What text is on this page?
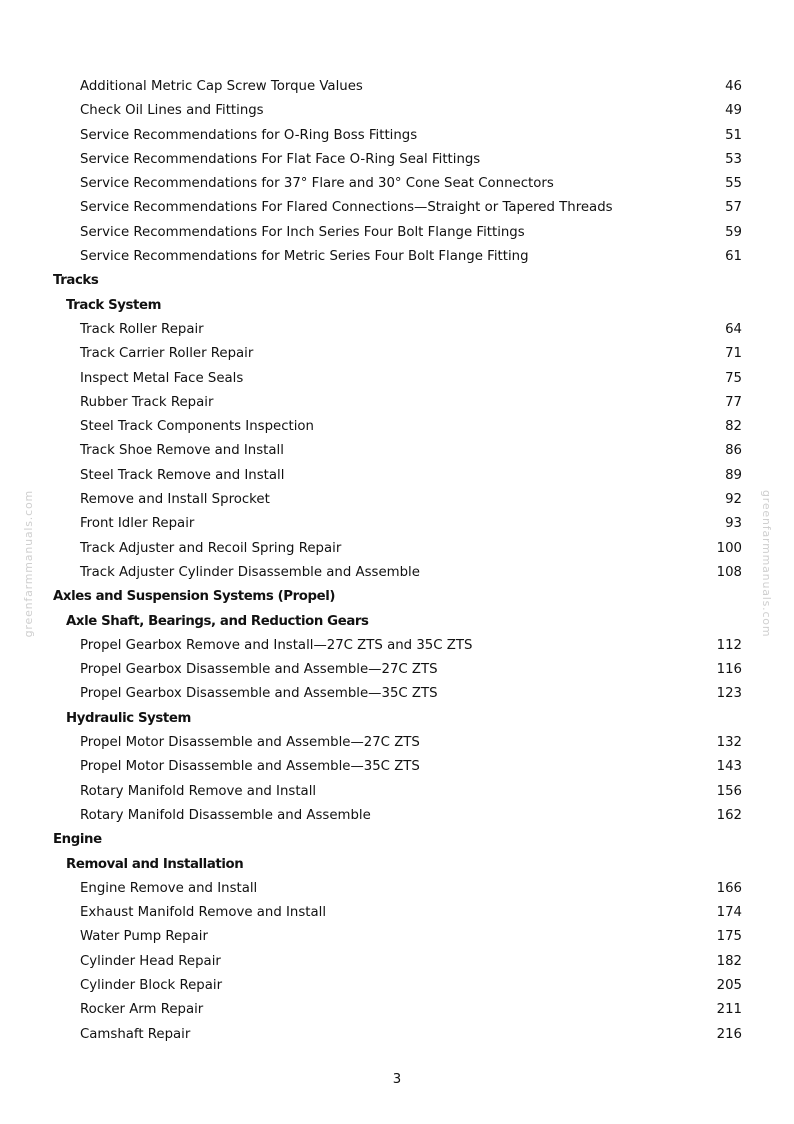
greenfarmmanuals.com	greenfarmmanuals.com
Additional Metric Cap Screw Torque Values	46
Check Oil Lines and Fittings	49
Service Recommendations for O-Ring Boss Fittings	51
Service Recommendations For Flat Face O-Ring Seal Fittings	53
Service Recommendations for 37° Flare and 30° Cone Seat Connectors	55
Service Recommendations For Flared Connections—Straight or Tapered Threads	57
Service Recommendations For Inch Series Four Bolt Flange Fittings	59
Service Recommendations for Metric Series Four Bolt Flange Fitting	61
Tracks
Track System
Track Roller Repair	64
Track Carrier Roller Repair	71
Inspect Metal Face Seals	75
Rubber Track Repair	77
Steel Track Components Inspection	82
Track Shoe Remove and Install	86
Steel Track Remove and Install	89
Remove and Install Sprocket	92
Front Idler Repair	93
Track Adjuster and Recoil Spring Repair	100
Track Adjuster Cylinder Disassemble and Assemble	108
Axles and Suspension Systems (Propel)
Axle Shaft, Bearings, and Reduction Gears
Propel Gearbox Remove and Install—27C ZTS and 35C ZTS	112
Propel Gearbox Disassemble and Assemble—27C ZTS	116
Propel Gearbox Disassemble and Assemble—35C ZTS	123
Hydraulic System
Propel Motor Disassemble and Assemble—27C ZTS	132
Propel Motor Disassemble and Assemble—35C ZTS	143
Rotary Manifold Remove and Install	156
Rotary Manifold Disassemble and Assemble	162
Engine
Removal and Installation
Engine Remove and Install	166
Exhaust Manifold Remove and Install	174
Water Pump Repair	175
Cylinder Head Repair	182
Cylinder Block Repair	205
Rocker Arm Repair	211
Camshaft Repair	216
3
